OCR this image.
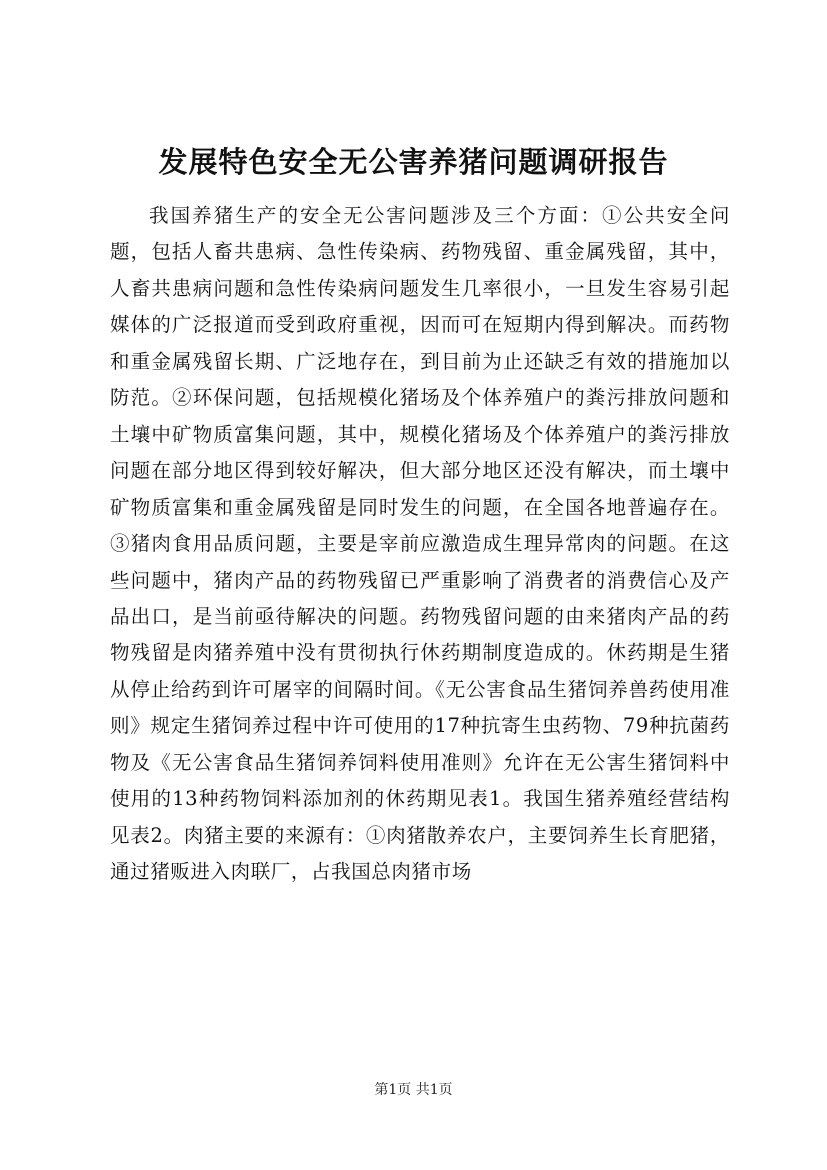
发展特色安全无公害养猪问题调研报告

我国养猪生产的安全无公害问题涉及三个方面：①公共安全问题，包括人畜共患病、急性传染病、药物残留、重金属残留，其中，人畜共患病问题和急性传染病问题发生几率很小，一旦发生容易引起媒体的广泛报道而受到政府重视，因而可在短期内得到解决。而药物和重金属残留长期、广泛地存在，到目前为止还缺乏有效的措施加以防范。②环保问题，包括规模化猪场及个体养殖户的粪污排放问题和土壤中矿物质富集问题，其中，规模化猪场及个体养殖户的粪污排放问题在部分地区得到较好解决，但大部分地区还没有解决，而土壤中矿物质富集和重金属残留是同时发生的问题，在全国各地普遍存在。③猪肉食用品质问题，主要是宰前应激造成生理异常肉的问题。在这些问题中，猪肉产品的药物残留已严重影响了消费者的消费信心及产品出口，是当前亟待解决的问题。药物残留问题的由来猪肉产品的药物残留是肉猪养殖中没有贯彻执行休药期制度造成的。休药期是生猪从停止给药到许可屠宰的间隔时间。《无公害食品生猪饲养兽药使用准则》规定生猪饲养过程中许可使用的17种抗寄生虫药物、79种抗菌药物及《无公害食品生猪饲养饲料使用准则》允许在无公害生猪饲料中使用的13种药物饲料添加剂的休药期见表1。我国生猪养殖经营结构见表2。肉猪主要的来源有：①肉猪散养农户，主要饲养生长育肥猪，通过猪贩进入肉联厂，占我国总肉猪市场

第1页 共1页
